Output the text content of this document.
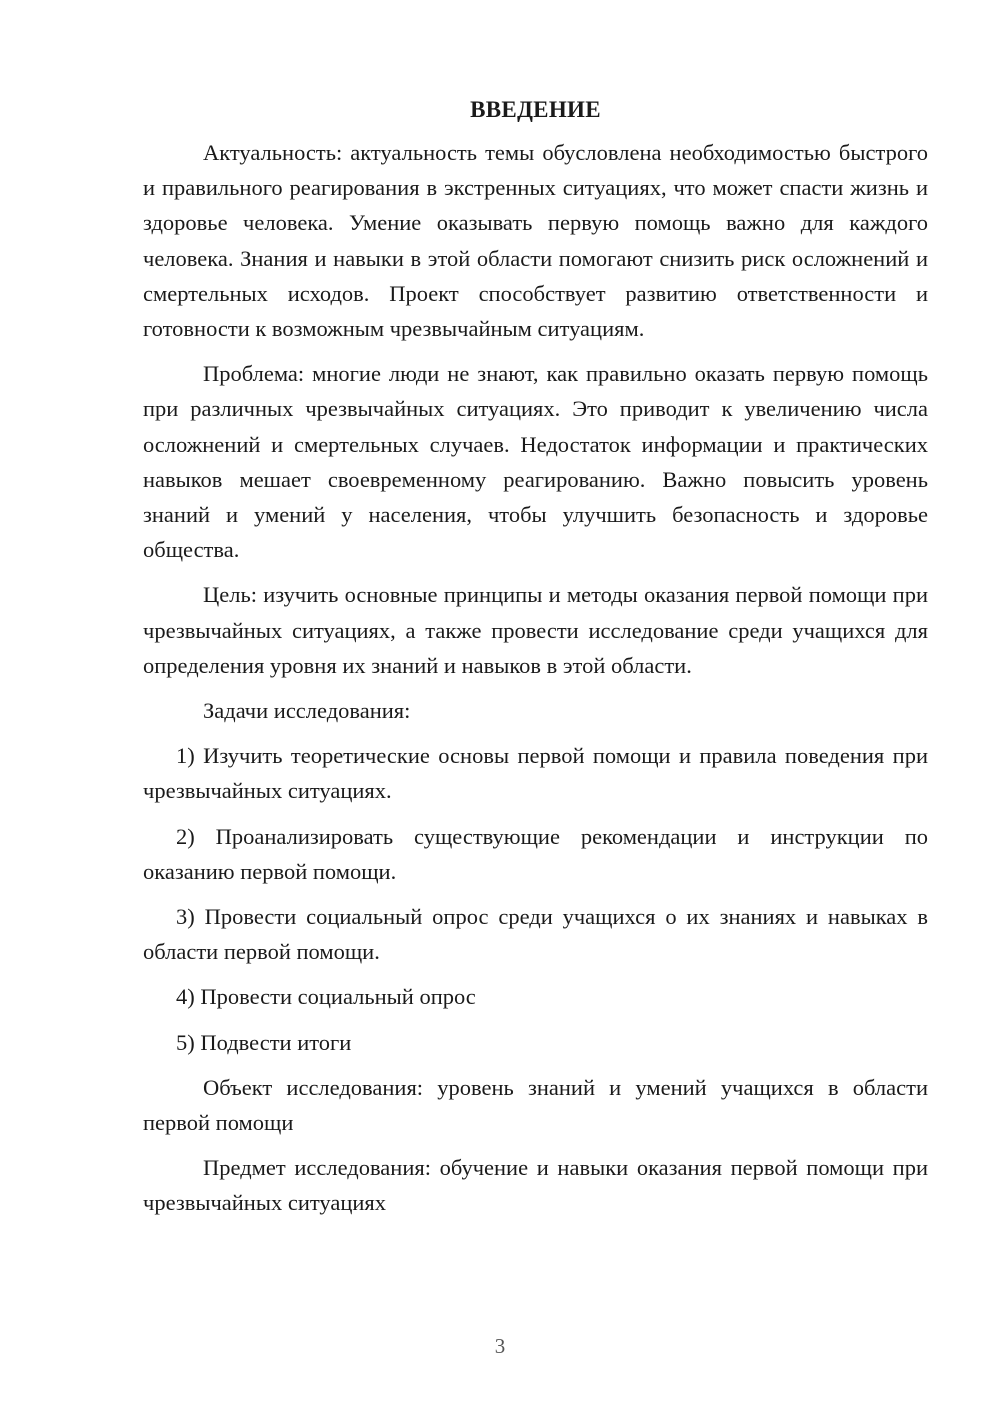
ВВЕДЕНИЕ

Актуальность: актуальность темы обусловлена необходимостью быстрого и правильного реагирования в экстренных ситуациях, что может спасти жизнь и здоровье человека. Умение оказывать первую помощь важно для каждого человека. Знания и навыки в этой области помогают снизить риск осложнений и смертельных исходов. Проект способствует развитию ответственности и готовности к возможным чрезвычайным ситуациям.

Проблема: многие люди не знают, как правильно оказать первую помощь при различных чрезвычайных ситуациях. Это приводит к увеличению числа осложнений и смертельных случаев. Недостаток информации и практических навыков мешает своевременному реагированию. Важно повысить уровень знаний и умений у населения, чтобы улучшить безопасность и здоровье общества.

Цель: изучить основные принципы и методы оказания первой помощи при чрезвычайных ситуациях, а также провести исследование среди учащихся для определения уровня их знаний и навыков в этой области.

Задачи исследования:

1) Изучить теоретические основы первой помощи и правила поведения при чрезвычайных ситуациях.

2) Проанализировать существующие рекомендации и инструкции по оказанию первой помощи.

3) Провести социальный опрос среди учащихся о их знаниях и навыках в области первой помощи.

4) Провести социальный опрос

5) Подвести итоги

Объект исследования: уровень знаний и умений учащихся в области первой помощи

Предмет исследования: обучение и навыки оказания первой помощи при чрезвычайных ситуациях

3
